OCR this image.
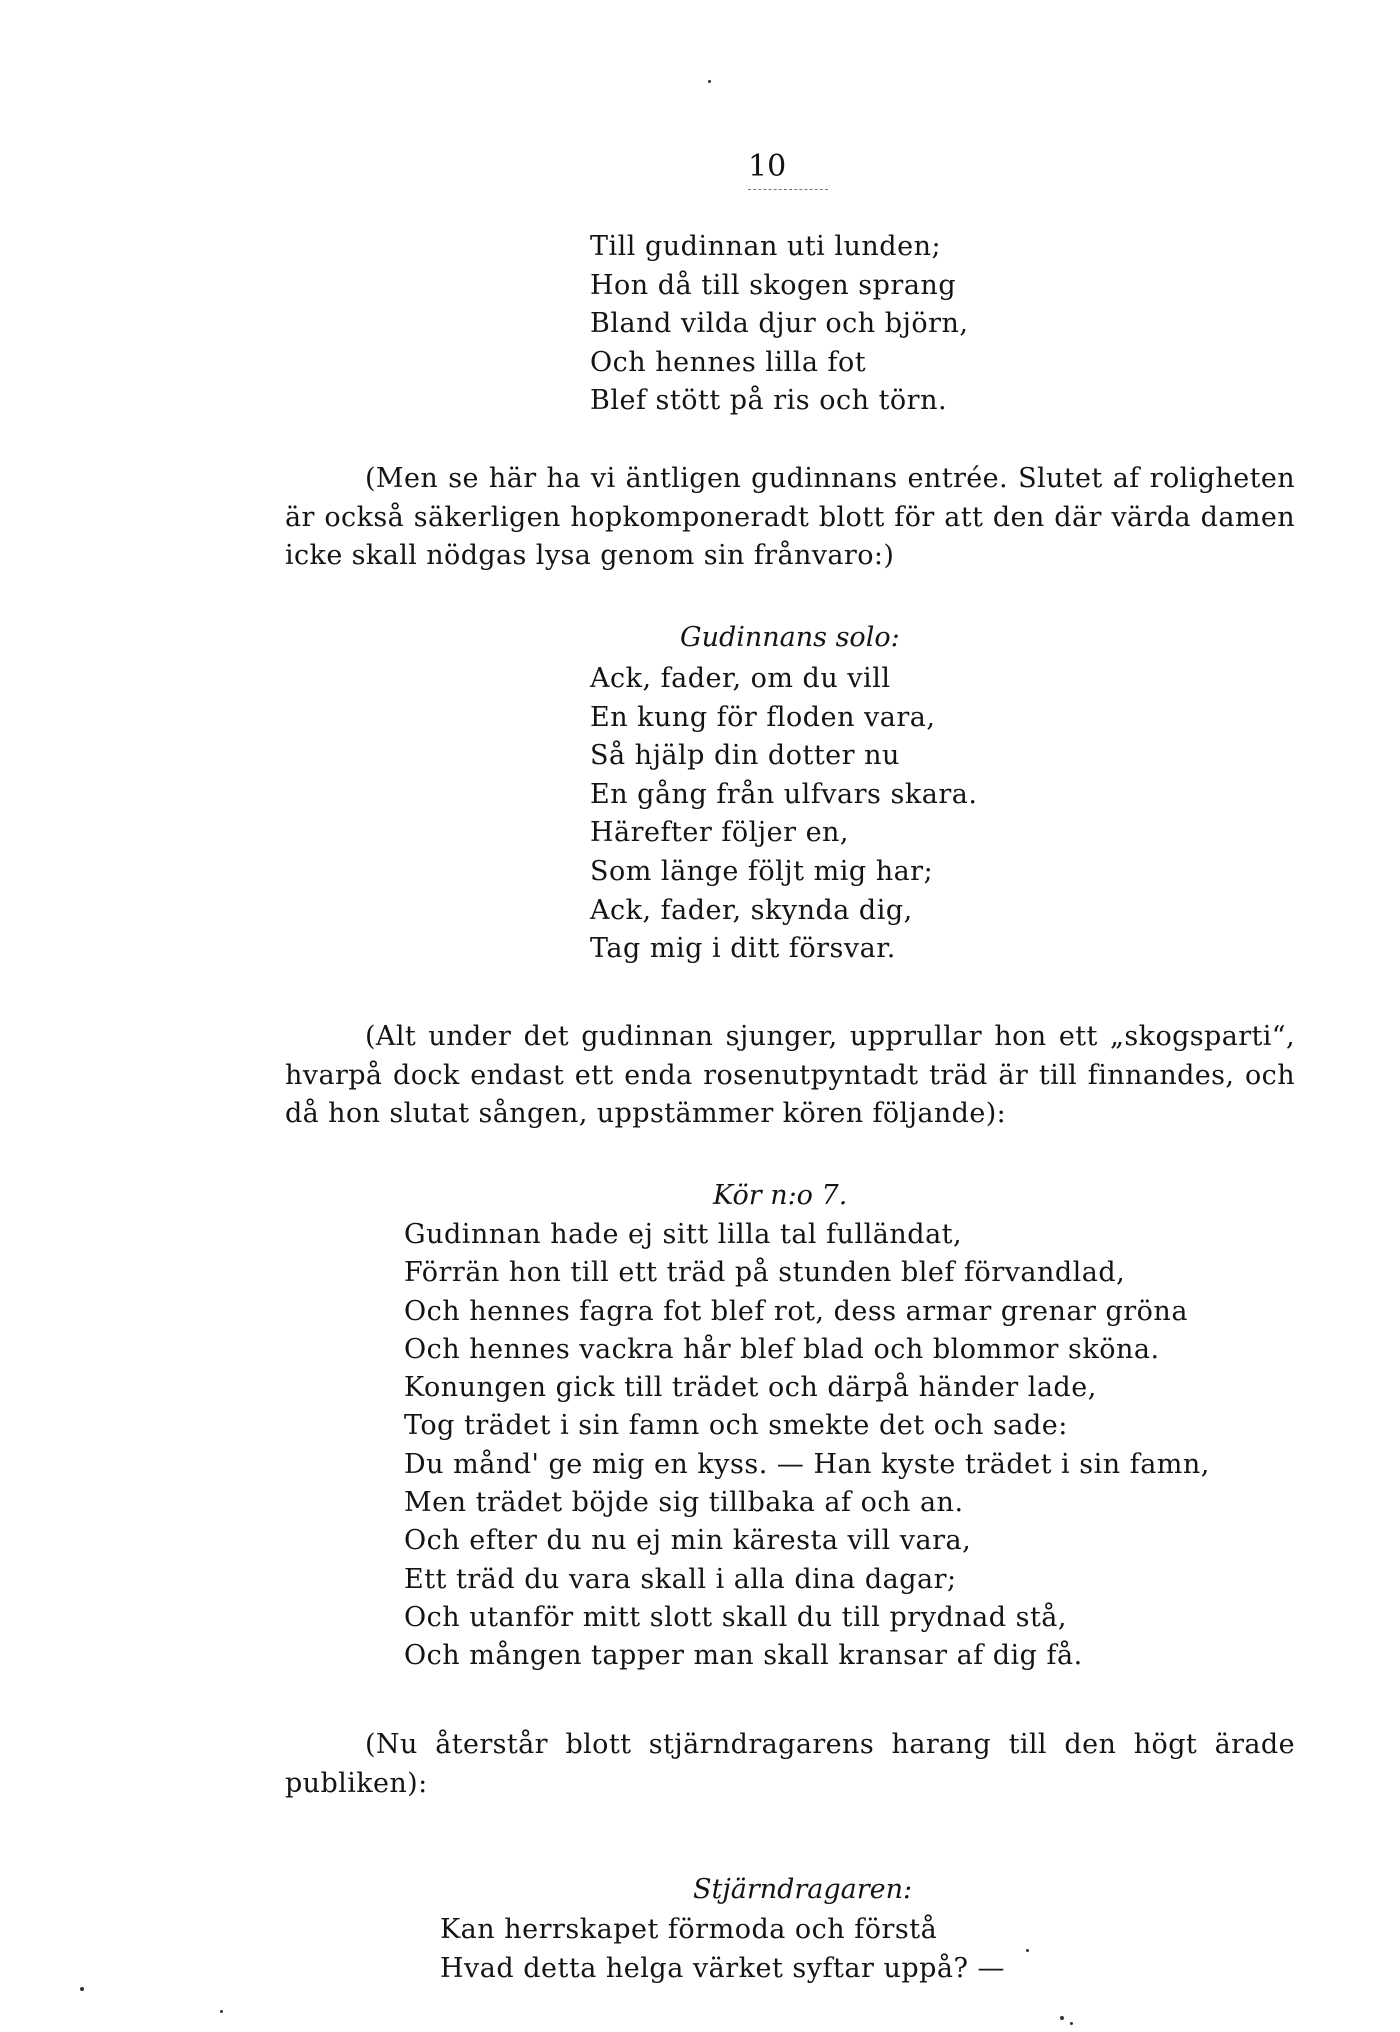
10
Till gudinnan uti lunden;
Hon då till skogen sprang
Bland vilda djur och björn,
Och hennes lilla fot
Blef stött på ris och törn.
(Men se här ha vi äntligen gudinnans entrée. Slutet af roligheten är också säkerligen hopkomponeradt blott för att den där värda damen icke skall nödgas lysa genom sin frånvaro:)
Gudinnans solo:
Ack, fader, om du vill
En kung för floden vara,
Så hjälp din dotter nu
En gång från ulfvars skara.
Härefter följer en,
Som länge följt mig har;
Ack, fader, skynda dig,
Tag mig i ditt försvar.
(Alt under det gudinnan sjunger, upprullar hon ett „skogsparti“, hvarpå dock endast ett enda rosenutpyntadt träd är till finnandes, och då hon slutat sången, uppstämmer kören följande):
Kör n:o 7.
Gudinnan hade ej sitt lilla tal fulländat,
Förrän hon till ett träd på stunden blef förvandlad,
Och hennes fagra fot blef rot, dess armar grenar gröna
Och hennes vackra hår blef blad och blommor sköna.
Konungen gick till trädet och därpå händer lade,
Tog trädet i sin famn och smekte det och sade:
Du månd' ge mig en kyss. — Han kyste trädet i sin famn,
Men trädet böjde sig tillbaka af och an.
Och efter du nu ej min käresta vill vara,
Ett träd du vara skall i alla dina dagar;
Och utanför mitt slott skall du till prydnad stå,
Och mången tapper man skall kransar af dig få.
(Nu återstår blott stjärndragarens harang till den högt ärade publiken):
Stjärndragaren:
Kan herrskapet förmoda och förstå
Hvad detta helga värket syftar uppå? —
